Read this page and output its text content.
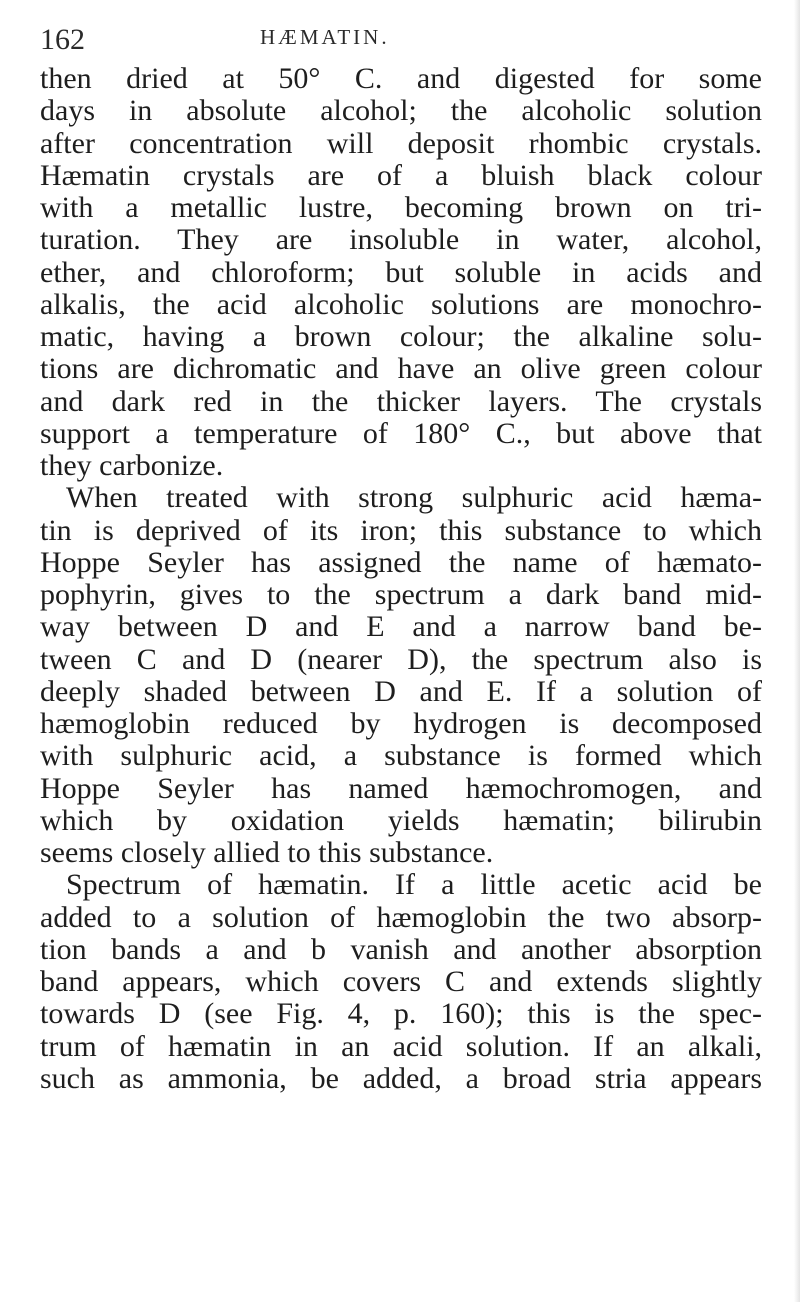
162	HÆMATIN.
then dried at 50° C. and digested for some
days in absolute alcohol; the alcoholic solution
after concentration will deposit rhombic crystals.
Hæmatin crystals are of a bluish black colour
with a metallic lustre, becoming brown on tri-
turation. They are insoluble in water, alcohol,
ether, and chloroform; but soluble in acids and
alkalis, the acid alcoholic solutions are monochro-
matic, having a brown colour; the alkaline solu-
tions are dichromatic and have an olive green colour
and dark red in the thicker layers. The crystals
support a temperature of 180° C., but above that
they carbonize.
When treated with strong sulphuric acid hæma-
tin is deprived of its iron; this substance to which
Hoppe Seyler has assigned the name of hæmato-
pophyrin, gives to the spectrum a dark band mid-
way between D and E and a narrow band be-
tween C and D (nearer D), the spectrum also is
deeply shaded between D and E. If a solution of
hæmoglobin reduced by hydrogen is decomposed
with sulphuric acid, a substance is formed which
Hoppe Seyler has named hæmochromogen, and
which by oxidation yields hæmatin; bilirubin
seems closely allied to this substance.
Spectrum of hæmatin. If a little acetic acid be
added to a solution of hæmoglobin the two absorp-
tion bands a and b vanish and another absorption
band appears, which covers C and extends slightly
towards D (see Fig. 4, p. 160); this is the spec-
trum of hæmatin in an acid solution. If an alkali,
such as ammonia, be added, a broad stria appears
